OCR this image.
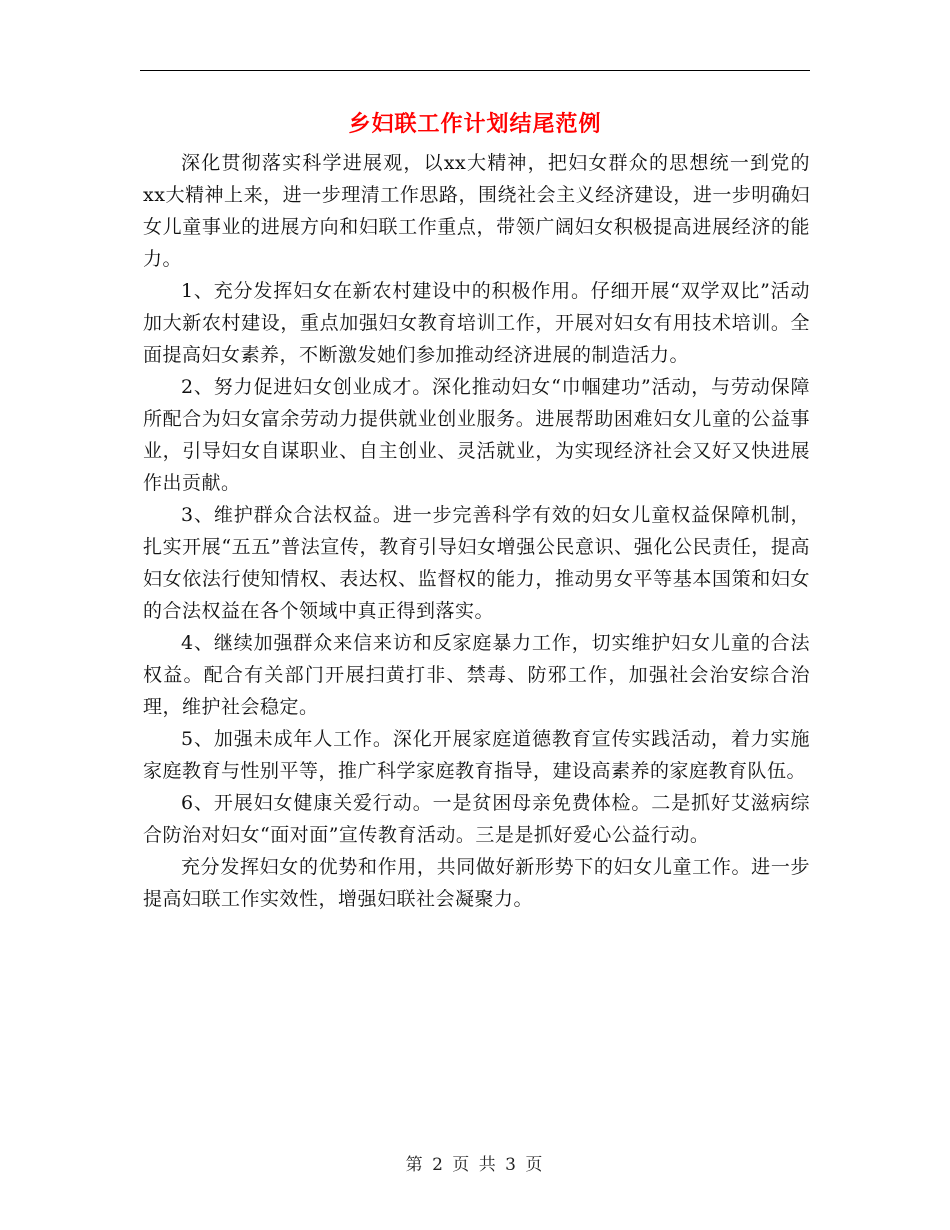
乡妇联工作计划结尾范例

深化贯彻落实科学进展观，以xx大精神，把妇女群众的思想统一到党的xx大精神上来，进一步理清工作思路，围绕社会主义经济建设，进一步明确妇女儿童事业的进展方向和妇联工作重点，带领广阔妇女积极提高进展经济的能力。

1、充分发挥妇女在新农村建设中的积极作用。仔细开展“双学双比”活动加大新农村建设，重点加强妇女教育培训工作，开展对妇女有用技术培训。全面提高妇女素养，不断激发她们参加推动经济进展的制造活力。

2、努力促进妇女创业成才。深化推动妇女“巾帼建功”活动，与劳动保障所配合为妇女富余劳动力提供就业创业服务。进展帮助困难妇女儿童的公益事业，引导妇女自谋职业、自主创业、灵活就业，为实现经济社会又好又快进展作出贡献。

3、维护群众合法权益。进一步完善科学有效的妇女儿童权益保障机制，扎实开展“五五”普法宣传，教育引导妇女增强公民意识、强化公民责任，提高妇女依法行使知情权、表达权、监督权的能力，推动男女平等基本国策和妇女的合法权益在各个领域中真正得到落实。

4、继续加强群众来信来访和反家庭暴力工作，切实维护妇女儿童的合法权益。配合有关部门开展扫黄打非、禁毒、防邪工作，加强社会治安综合治理，维护社会稳定。

5、加强未成年人工作。深化开展家庭道德教育宣传实践活动，着力实施家庭教育与性别平等，推广科学家庭教育指导，建设高素养的家庭教育队伍。

6、开展妇女健康关爱行动。一是贫困母亲免费体检。二是抓好艾滋病综合防治对妇女“面对面”宣传教育活动。三是是抓好爱心公益行动。

充分发挥妇女的优势和作用，共同做好新形势下的妇女儿童工作。进一步提高妇联工作实效性，增强妇联社会凝聚力。

第 2 页 共 3 页
